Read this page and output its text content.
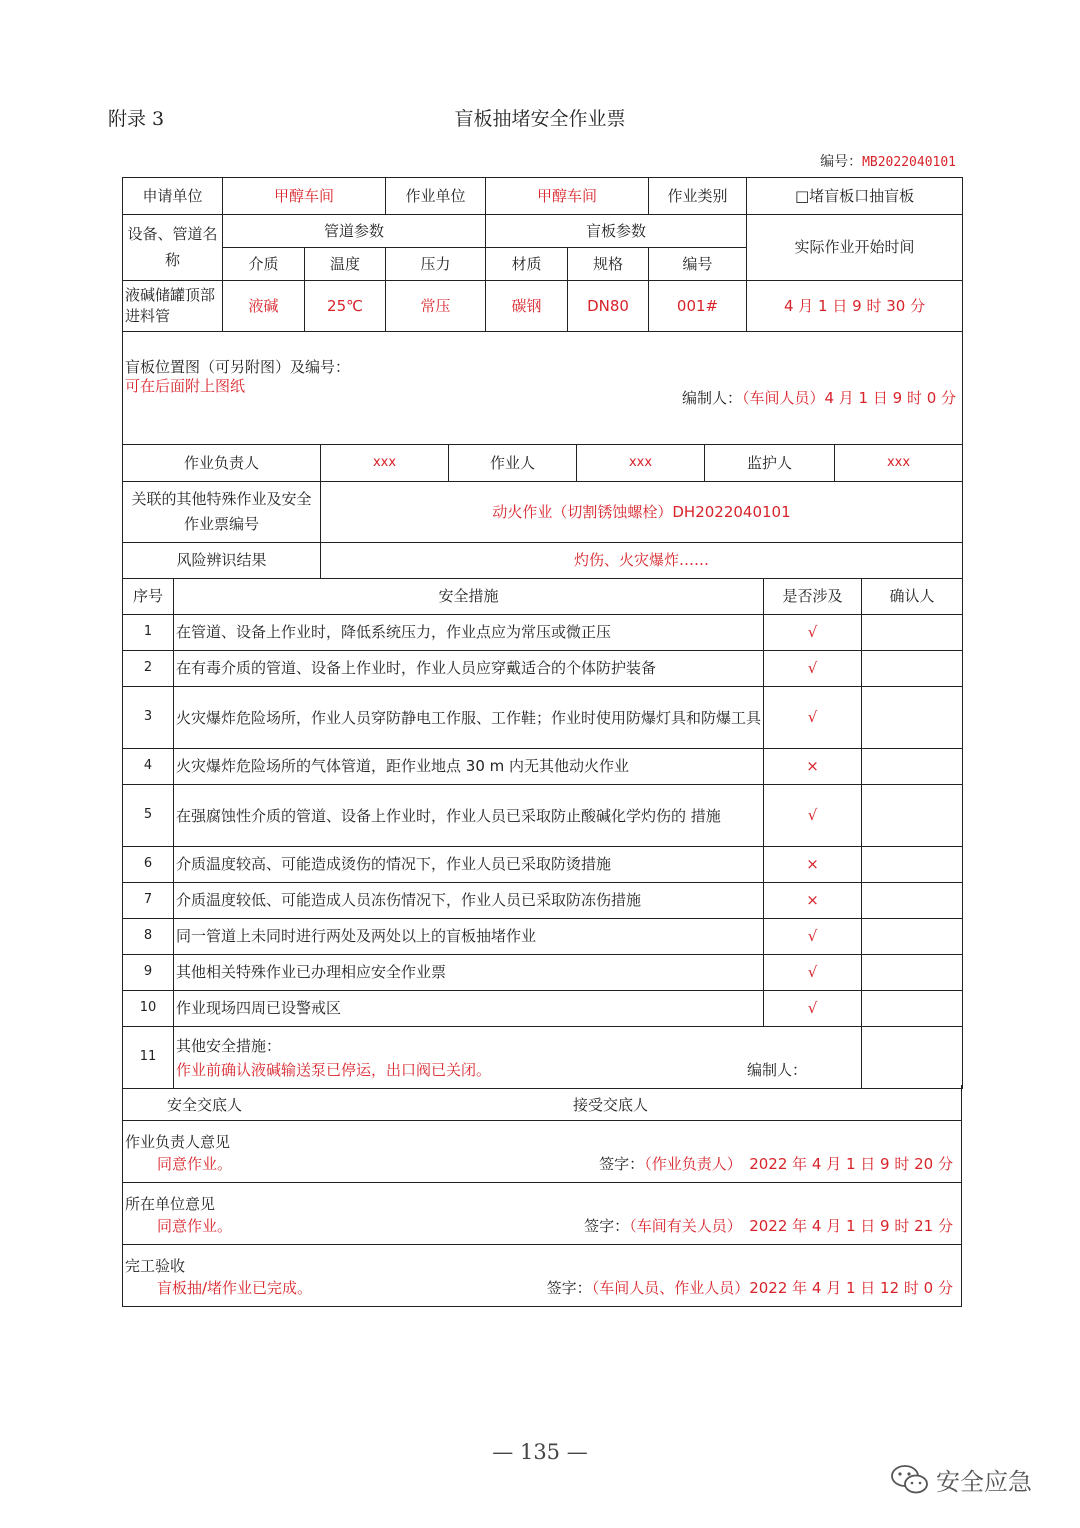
附录 3	盲板抽堵安全作业票
编号：MB2022040101
申请单位	甲醇车间		作业单位	甲醇车间		作业类别	□堵盲板口抽盲板
设备、管道名称	管道参数			盲板参数			实际作业开始时间
	介质	温度	压力	材质	规格	编号	
液碱储罐顶部进料管	液碱	25℃	常压	碳钢	DN80	001#	4 月 1 日 9 时 30 分

盲板位置图（可另附图）及编号：
可在后面附上图纸
编制人：（车间人员）4 月 1 日 9 时 0 分							
作业负责人	xxx	作业人	xxx	监护人	xxx
关联的其他特殊作业及安全作业票编号	动火作业（切割锈蚀螺栓）DH2022040101				
风险辨识结果	灼伤、火灾爆炸……				
序号	安全措施	是否涉及	确认人
1	在管道、设备上作业时，降低系统压力，作业点应为常压或微正压	√	
2	在有毒介质的管道、设备上作业时，作业人员应穿戴适合的个体防护装备	√	
3	火灾爆炸危险场所，作业人员穿防静电工作服、工作鞋；作业时使用防爆灯具和防爆工具	√	
4	火灾爆炸危险场所的气体管道，距作业地点 30 m 内无其他动火作业	×	
5	在强腐蚀性介质的管道、设备上作业时，作业人员已采取防止酸碱化学灼伤的 措施	√	
6	介质温度较高、可能造成烫伤的情况下，作业人员已采取防烫措施	×	
7	介质温度较低、可能造成人员冻伤情况下，作业人员已采取防冻伤措施	×	
8	同一管道上未同时进行两处及两处以上的盲板抽堵作业	√	
9	其他相关特殊作业已办理相应安全作业票	√	
10	作业现场四周已设警戒区	√	
11	其他安全措施：
作业前确认液碱输送泵已停运，出口阀已关闭。 编制人：		

安全交底人	接受交底人
作业负责人意见
同意作业。	签字：（作业负责人）　2022 年 4 月 1 日 9 时 20 分
所在单位意见
同意作业。	签字：（车间有关人员）　2022 年 4 月 1 日 9 时 21 分
完工验收
盲板抽/堵作业已完成。	签字：（车间人员、作业人员）2022 年 4 月 1 日 12 时 0 分
— 135 —
安全应急
